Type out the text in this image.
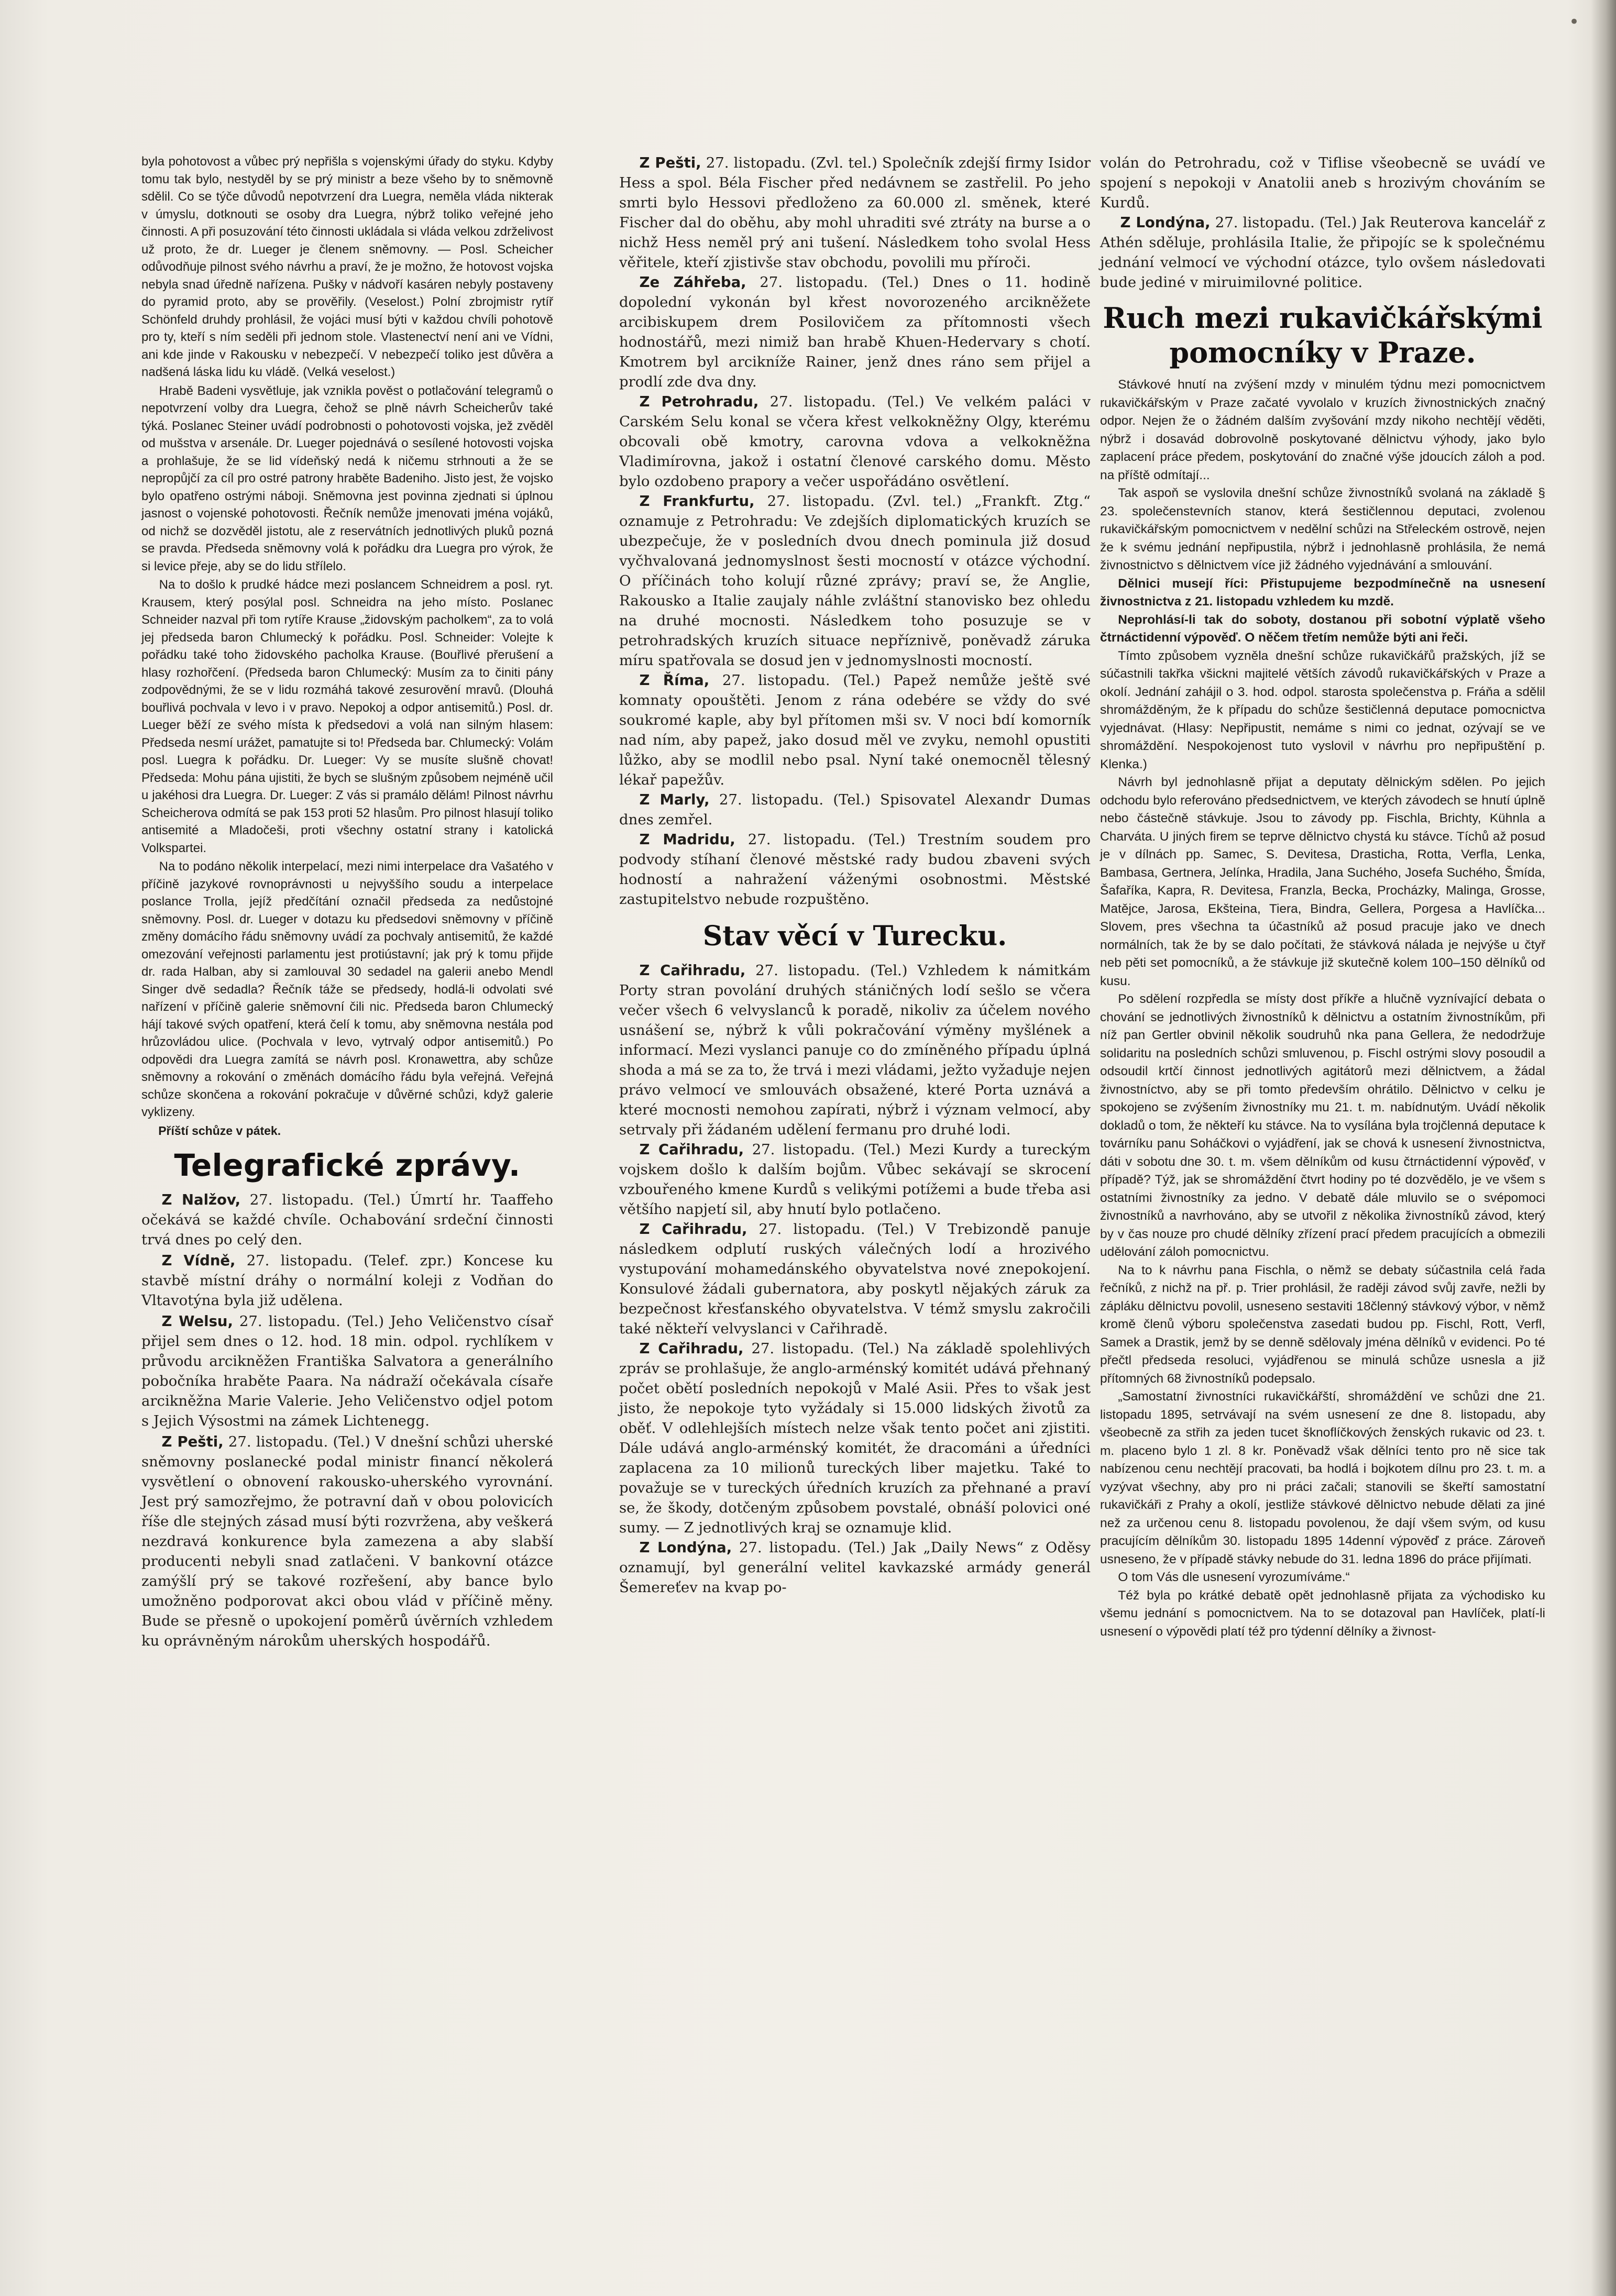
•

byla pohotovost a vůbec prý nepřišla s vojenskými úřady do styku. Kdyby tomu tak bylo, nestyděl by se prý ministr a beze všeho by to sněmovně sdělil. Co se týče důvodů nepotvrzení dra Luegra, neměla vláda nikterak v úmyslu, dotknouti se osoby dra Luegra, nýbrž toliko veřejné jeho činnosti. A při posuzování této činnosti ukládala si vláda velkou zdrželivost už proto, že dr. Lueger je členem sněmovny. — Posl. Scheicher odůvodňuje pilnost svého návrhu a praví, že je možno, že hotovost vojska nebyla snad úředně nařízena. Pušky v nádvoří kasáren nebyly postaveny do pyramid proto, aby se prověřily. (Veselost.) Polní zbrojmistr rytíř Schönfeld druhdy prohlásil, že vojáci musí býti v každou chvíli pohotově pro ty, kteří s ním seděli při jednom stole. Vlastenectví není ani ve Vídni, ani kde jinde v Rakousku v nebezpečí. V nebezpečí toliko jest důvěra a nadšená láska lidu ku vládě. (Velká veselost.)

Hrabě Badeni vysvětluje, jak vznikla pověst o potlačování telegramů o nepotvrzení volby dra Luegra, čehož se plně návrh Scheicherův také týká. Poslanec Steiner uvádí podrobnosti o pohotovosti vojska, jež zvěděl od mušstva v arsenále. Dr. Lueger pojednává o sesílené hotovosti vojska a prohlašuje, že se lid vídeňský nedá k ničemu strhnouti a že se nepropůjčí za cíl pro ostré patrony hraběte Badeniho. Jisto jest, že vojsko bylo opatřeno ostrými náboji. Sněmovna jest povinna zjednati si úplnou jasnost o vojenské pohotovosti. Řečník nemůže jmenovati jména vojáků, od nichž se dozvěděl jistotu, ale z reservátních jednotlivých pluků pozná se pravda. Předseda sněmovny volá k pořádku dra Luegra pro výrok, že si levice přeje, aby se do lidu střílelo.

Na to došlo k prudké hádce mezi poslancem Schneidrem a posl. ryt. Krausem, který posýlal posl. Schneidra na jeho místo. Poslanec Schneider nazval při tom rytíře Krause „židovským pacholkem“, za to volá jej předseda baron Chlumecký k pořádku. Posl. Schneider: Volejte k pořádku také toho židovského pacholka Krause. (Bouřlivé přerušení a hlasy rozhořčení. (Předseda baron Chlumecký: Musím za to činiti pány zodpovědnými, že se v lidu rozmáhá takové zesurovění mravů. (Dlouhá bouřlivá pochvala v levo i v pravo. Nepokoj a odpor antisemitů.) Posl. dr. Lueger běží ze svého místa k předsedovi a volá nan silným hlasem: Předseda nesmí urážet, pamatujte si to! Předseda bar. Chlumecký: Volám posl. Luegra k pořádku. Dr. Lueger: Vy se musíte slušně chovat! Předseda: Mohu pána ujistiti, že bych se slušným způsobem nejméně učil u jakéhosi dra Luegra. Dr. Lueger: Z vás si pramálo dělám! Pilnost návrhu Scheicherova odmítá se pak 153 proti 52 hlasům. Pro pilnost hlasují toliko antisemité a Mladočeši, proti všechny ostatní strany i katolická Volkspartei.

Na to podáno několik interpelací, mezi nimi interpelace dra Vašatého v příčině jazykové rovnoprávnosti u nejvyššího soudu a interpelace poslance Trolla, jejíž předčítání označil předseda za nedůstojné sněmovny. Posl. dr. Lueger v dotazu ku předsedovi sněmovny v příčině změny domácího řádu sněmovny uvádí za pochvaly antisemitů, že každé omezování veřejnosti parlamentu jest protiústavní; jak prý k tomu přijde dr. rada Halban, aby si zamlouval 30 sedadel na galerii anebo Mendl Singer dvě sedadla? Řečník táže se předsedy, hodlá-li odvolati své nařízení v příčině galerie sněmovní čili nic. Předseda baron Chlumecký hájí takové svých opatření, která čelí k tomu, aby sněmovna nestála pod hrůzovládou ulice. (Pochvala v levo, vytrvalý odpor antisemitů.) Po odpovědi dra Luegra zamítá se návrh posl. Kronawettra, aby schůze sněmovny a rokování o změnách domácího řádu byla veřejná. Veřejná schůze skončena a rokování pokračuje v důvěrné schůzi, když galerie vyklizeny.

Příští schůze v pátek.

Telegrafické zprávy.

Z Nalžov, 27. listopadu. (Tel.) Úmrtí hr. Taaffeho očekává se každé chvíle. Ochabování srdeční činnosti trvá dnes po celý den.

Z Vídně, 27. listopadu. (Telef. zpr.) Koncese ku stavbě místní dráhy o normální koleji z Vodňan do Vltavotýna byla již udělena.

Z Welsu, 27. listopadu. (Tel.) Jeho Veličenstvo císař přijel sem dnes o 12. hod. 18 min. odpol. rychlíkem v průvodu arcikněžen Františka Salvatora a generálního pobočníka hraběte Paara. Na nádraží očekávala císaře arcikněžna Marie Valerie. Jeho Veličenstvo odjel potom s Jejich Výsostmi na zámek Lichtenegg.

Z Pešti, 27. listopadu. (Tel.) V dnešní schůzi uherské sněmovny poslanecké podal ministr financí několerá vysvětlení o obnovení rakousko-uherského vyrovnání. Jest prý samozřejmo, že potravní daň v obou polovicích říše dle stejných zásad musí býti rozvržena, aby veškerá nezdravá konkurence byla zamezena a aby slabší producenti nebyli snad zatlačeni. V bankovní otázce zamýšlí prý se takové rozřešení, aby bance bylo umožněno podporovat akci obou vlád v příčině měny. Bude se přesně o upokojení poměrů úvěrních vzhledem ku oprávněným nárokům uherských hospodářů.

Z Pešti, 27. listopadu. (Zvl. tel.) Společník zdejší firmy Isidor Hess a spol. Béla Fischer před nedávnem se zastřelil. Po jeho smrti bylo Hessovi předloženo za 60.000 zl. směnek, které Fischer dal do oběhu, aby mohl uhraditi své ztráty na burse a o nichž Hess neměl prý ani tušení. Následkem toho svolal Hess věřitele, kteří zjistivše stav obchodu, povolili mu příroči.

Ze Záhřeba, 27. listopadu. (Tel.) Dnes o 11. hodině dopolední vykonán byl křest novorozeného arcikněžete arcibiskupem drem Posilovičem za přítomnosti všech hodnostářů, mezi nimiž ban hrabě Khuen-Hedervary s chotí. Kmotrem byl arcikníže Rainer, jenž dnes ráno sem přijel a prodlí zde dva dny.

Z Petrohradu, 27. listopadu. (Tel.) Ve velkém paláci v Carském Selu konal se včera křest velkokněžny Olgy, kterému obcovali obě kmotry, carovna vdova a velkokněžna Vladimírovna, jakož i ostatní členové carského domu. Město bylo ozdobeno prapory a večer uspořádáno osvětlení.

Z Frankfurtu, 27. listopadu. (Zvl. tel.) „Frankft. Ztg.“ oznamuje z Petrohradu: Ve zdejších diplomatických kruzích se ubezpečuje, že v posledních dvou dnech pominula již dosud vyčhvalovaná jednomyslnost šesti mocností v otázce východní. O příčinách toho kolují různé zprávy; praví se, že Anglie, Rakousko a Italie zaujaly náhle zvláštní stanovisko bez ohledu na druhé mocnosti. Následkem toho posuzuje se v petrohradských kruzích situace nepříznivě, poněvadž záruka míru spatřovala se dosud jen v jednomyslnosti mocností.

Z Říma, 27. listopadu. (Tel.) Papež nemůže ještě své komnaty opouštěti. Jenom z rána odebére se vždy do své soukromé kaple, aby byl přítomen mši sv. V noci bdí komorník nad ním, aby papež, jako dosud měl ve zvyku, nemohl opustiti lůžko, aby se modlil nebo psal. Nyní také onemocněl tělesný lékař papežův.

Z Marly, 27. listopadu. (Tel.) Spisovatel Alexandr Dumas dnes zemřel.

Z Madridu, 27. listopadu. (Tel.) Trestním soudem pro podvody stíhaní členové městské rady budou zbaveni svých hodností a nahražení váženými osobnostmi. Městské zastupitelstvo nebude rozpuštěno.

Stav věcí v Turecku.

Z Cařihradu, 27. listopadu. (Tel.) Vzhledem k námitkám Porty stran povolání druhých stáničných lodí sešlo se včera večer všech 6 velvyslanců k poradě, nikoliv za účelem nového usnášení se, nýbrž k vůli pokračování výměny myšlének a informací. Mezi vyslanci panuje co do zmíněného případu úplná shoda a má se za to, že trvá i mezi vládami, ježto vyžaduje nejen právo velmocí ve smlouvách obsažené, které Porta uznává a které mocnosti nemohou zapírati, nýbrž i význam velmocí, aby setrvaly při žádaném udělení fermanu pro druhé lodi.

Z Cařihradu, 27. listopadu. (Tel.) Mezi Kurdy a tureckým vojskem došlo k dalším bojům. Vůbec sekávají se skrocení vzbouřeného kmene Kurdů s velikými potížemi a bude třeba asi většího napjetí sil, aby hnutí bylo potlačeno.

Z Cařihradu, 27. listopadu. (Tel.) V Trebizondě panuje následkem odplutí ruských válečných lodí a hrozivého vystupování mohamedánského obyvatelstva nové znepokojení. Konsulové žádali gubernatora, aby poskytl nějakých záruk za bezpečnost křesťanského obyvatelstva. V témž smyslu zakročili také někteří velvyslanci v Cařihradě.

Z Cařihradu, 27. listopadu. (Tel.) Na základě spolehlivých zpráv se prohlašuje, že anglo-arménský komitét udává přehnaný počet obětí posledních nepokojů v Malé Asii. Přes to však jest jisto, že nepokoje tyto vyžádaly si 15.000 lidských životů za oběť. V odlehlejších místech nelze však tento počet ani zjistiti. Dále udává anglo-arménský komitét, že dracománi a úředníci zaplacena za 10 milionů tureckých liber majetku. Také to považuje se v tureckých úředních kruzích za přehnané a praví se, že škody, dotčeným způsobem povstalé, obnáší polovici oné sumy. — Z jednotlivých kraj se oznamuje klid.

Z Londýna, 27. listopadu. (Tel.) Jak „Daily News“ z Oděsy oznamují, byl generální velitel kavkazské armády generál Šemereťev na kvap po-

volán do Petrohradu, což v Tiflise všeobecně se uvádí ve spojení s nepokoji v Anatolii aneb s hrozivým chováním se Kurdů.

Z Londýna, 27. listopadu. (Tel.) Jak Reuterova kancelář z Athén sděluje, prohlásila Italie, že připojíc se k společnému jednání velmocí ve východní otázce, tylo ovšem následovati bude jediné v miruimilovné politice.

Ruch mezi rukavičkářskými pomocníky v Praze.

Stávkové hnutí na zvýšení mzdy v minulém týdnu mezi pomocnictvem rukavičkářským v Praze začaté vyvolalo v kruzích živnostnických značný odpor. Nejen že o žádném dalším zvyšování mzdy nikoho nechtějí věděti, nýbrž i dosavád dobrovolně poskytované dělnictvu výhody, jako bylo zaplacení práce předem, poskytování do značné výše jdoucích záloh a pod. na příště odmítají...

Tak aspoň se vyslovila dnešní schůze živnostníků svolaná na základě § 23. společenstevních stanov, která šestičlennou deputaci, zvolenou rukavičkářským pomocnictvem v nedělní schůzi na Střeleckém ostrově, nejen že k svému jednání nepřipustila, nýbrž i jednohlasně prohlásila, že nemá živnostnictvo s dělnictvem více již žádného vyjednávání a smlouvání.

Dělnici musejí říci: Přistupujeme bezpodmínečně na usnesení živnostnictva z 21. listopadu vzhledem ku mzdě.

Neprohlásí-li tak do soboty, dostanou při sobotní výplatě všeho čtrnáctidenní výpověď. O něčem třetím nemůže býti ani řeči.

Tímto způsobem vyzněla dnešní schůze rukavičkářů pražských, jíž se súčastnili takřka všickni majitelé větších závodů rukavičkářských v Praze a okolí. Jednání zahájil o 3. hod. odpol. starosta společenstva p. Fráňa a sdělil shromážděným, že k případu do schůze šestičlenná deputace pomocnictva vyjednávat. (Hlasy: Nepřipustit, nemáme s nimi co jednat, ozývají se ve shromáždění. Nespokojenost tuto vyslovil v návrhu pro nepřipuštění p. Klenka.)

Návrh byl jednohlasně přijat a deputaty dělnickým sdělen. Po jejich odchodu bylo referováno předsednictvem, ve kterých závodech se hnutí úplně nebo částečně stávkuje. Jsou to závody pp. Fischla, Brichty, Kühnla a Charváta. U jiných firem se teprve dělnictvo chystá ku stávce. Tíchů až posud je v dílnách pp. Samec, S. Devitesa, Drasticha, Rotta, Verfla, Lenka, Bambasa, Gertnera, Jelínka, Hradila, Jana Suchého, Josefa Suchého, Šmída, Šafaříka, Kapra, R. Devitesa, Franzla, Becka, Procházky, Malinga, Grosse, Matějce, Jarosa, Ekšteina, Tiera, Bindra, Gellera, Porgesa a Havlíčka... Slovem, pres všechna ta účastníků až posud pracuje jako ve dnech normálních, tak že by se dalo počítati, že stávková nálada je nejvýše u čtyř neb pěti set pomocníků, a že stávkuje již skutečně kolem 100–150 dělníků od kusu.

Po sdělení rozpředla se místy dost příkře a hlučně vyznívající debata o chování se jednotlivých živnostníků k dělnictvu a ostatním živnostníkům, při níž pan Gertler obvinil několik soudruhů nka pana Gellera, že nedodržuje solidaritu na posledních schůzi smluvenou, p. Fischl ostrými slovy posoudil a odsoudil krtčí činnost jednotlivých agitátorů mezi dělnictvem, a žádal živnostníctvo, aby se při tomto především ohrátilo. Dělnictvo v celku je spokojeno se zvýšením živnostníky mu 21. t. m. nabídnutým. Uvádí několik dokladů o tom, že někteří ku stávce. Na to vysílána byla trojčlenná deputace k továrníku panu Soháčkovi o vyjádření, jak se chová k usnesení živnostnictva, dáti v sobotu dne 30. t. m. všem dělníkům od kusu čtrnáctidenní výpověď, v případě? Týž, jak se shromáždění čtvrt hodiny po té dozvědělo, je ve všem s ostatními živnostníky za jedno. V debatě dále mluvilo se o svépomoci živnostníků a navrhováno, aby se utvořil z několika živnostníků závod, který by v čas nouze pro chudé dělníky zřízení prací předem pracujících a obmezili udělování záloh pomocnictvu.

Na to k návrhu pana Fischla, o němž se debaty súčastnila celá řada řečníků, z nichž na př. p. Trier prohlásil, že raději závod svůj zavře, nežli by zápláku dělnictvu povolil, usneseno sestaviti 18členný stávkový výbor, v němž kromě členů výboru společenstva zasedati budou pp. Fischl, Rott, Verfl, Samek a Drastik, jemž by se denně sdělovaly jména dělníků v evidenci. Po té přečtl předseda resoluci, vyjádřenou se minulá schůze usnesla a již přítomných 68 živnostníků podepsalo.

„Samostatní živnostníci rukavičkářští, shromáždění ve schůzi dne 21. listopadu 1895, setrvávají na svém usnesení ze dne 8. listopadu, aby všeobecně za střih za jeden tucet šknoflíčkových ženských rukavic od 23. t. m. placeno bylo 1 zl. 8 kr. Poněvadž však dělníci tento pro ně sice tak nabízenou cenu nechtějí pracovati, ba hodlá i bojkotem dílnu pro 23. t. m. a vyzývat všechny, aby pro ni práci začali; stanovili se škeřtí samostatní rukavičkáři z Prahy a okolí, jestliže stávkové dělnictvo nebude dělati za jiné než za určenou cenu 8. listopadu povolenou, že dají všem svým, od kusu pracujícím dělníkům 30. listopadu 1895 14denní výpověď z práce. Zároveň usneseno, že v případě stávky nebude do 31. ledna 1896 do práce přijímati.

O tom Vás dle usnesení vyrozumíváme.“

Též byla po krátké debatě opět jednohlasně přijata za východisko ku všemu jednání s pomocnictvem. Na to se dotazoval pan Havlíček, platí-li usnesení o výpovědi platí též pro týdenní dělníky a živnost-
